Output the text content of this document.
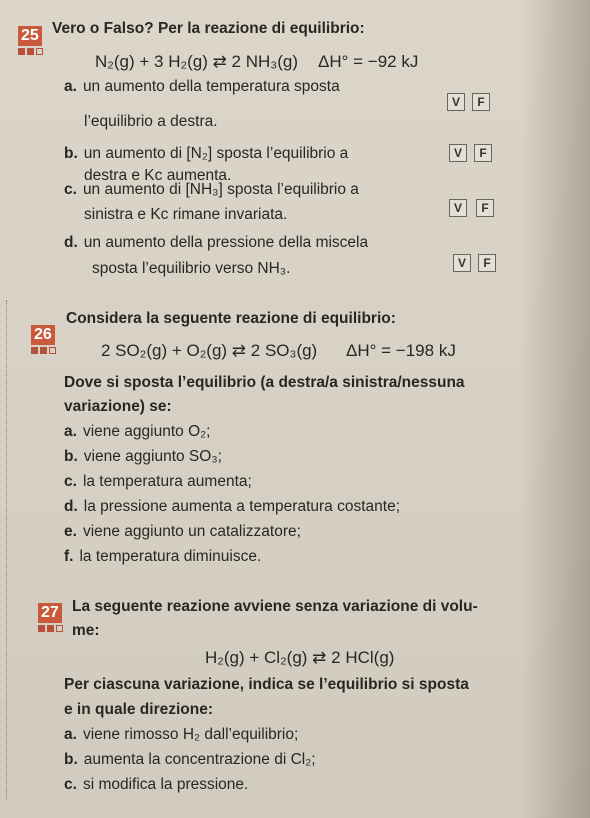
25 Vero o Falso? Per la reazione di equilibrio:
N₂(g) + 3 H₂(g) ⇄ 2 NH₃(g) ΔH° = −92 kJ
a. un aumento della temperatura sposta
l’equilibrio a destra.
V	F
b. un aumento di [N₂] sposta l’equilibrio a
destra e Kc aumenta.
V	F
c. un aumento di [NH₃] sposta l’equilibrio a
sinistra e Kc rimane invariata.	V	F
d. un aumento della pressione della miscela
sposta l’equilibrio verso NH₃.	V	F
26
Considera la seguente reazione di equilibrio:
2 SO₂(g) + O₂(g) ⇄ 2 SO₃(g) ΔH° = −198 kJ
Dove si sposta l’equilibrio (a destra/a sinistra/nessuna
variazione) se:
a. viene aggiunto O₂;
b. viene aggiunto SO₃;
c. la temperatura aumenta;
d. la pressione aumenta a temperatura costante;
e. viene aggiunto un catalizzatore;
f. la temperatura diminuisce.
27 La seguente reazione avviene senza variazione di volu-
me:
H₂(g) + Cl₂(g) ⇄ 2 HCl(g)
Per ciascuna variazione, indica se l’equilibrio si sposta
e in quale direzione:
a. viene rimosso H₂ dall’equilibrio;
b. aumenta la concentrazione di Cl₂;
c. si modifica la pressione.
